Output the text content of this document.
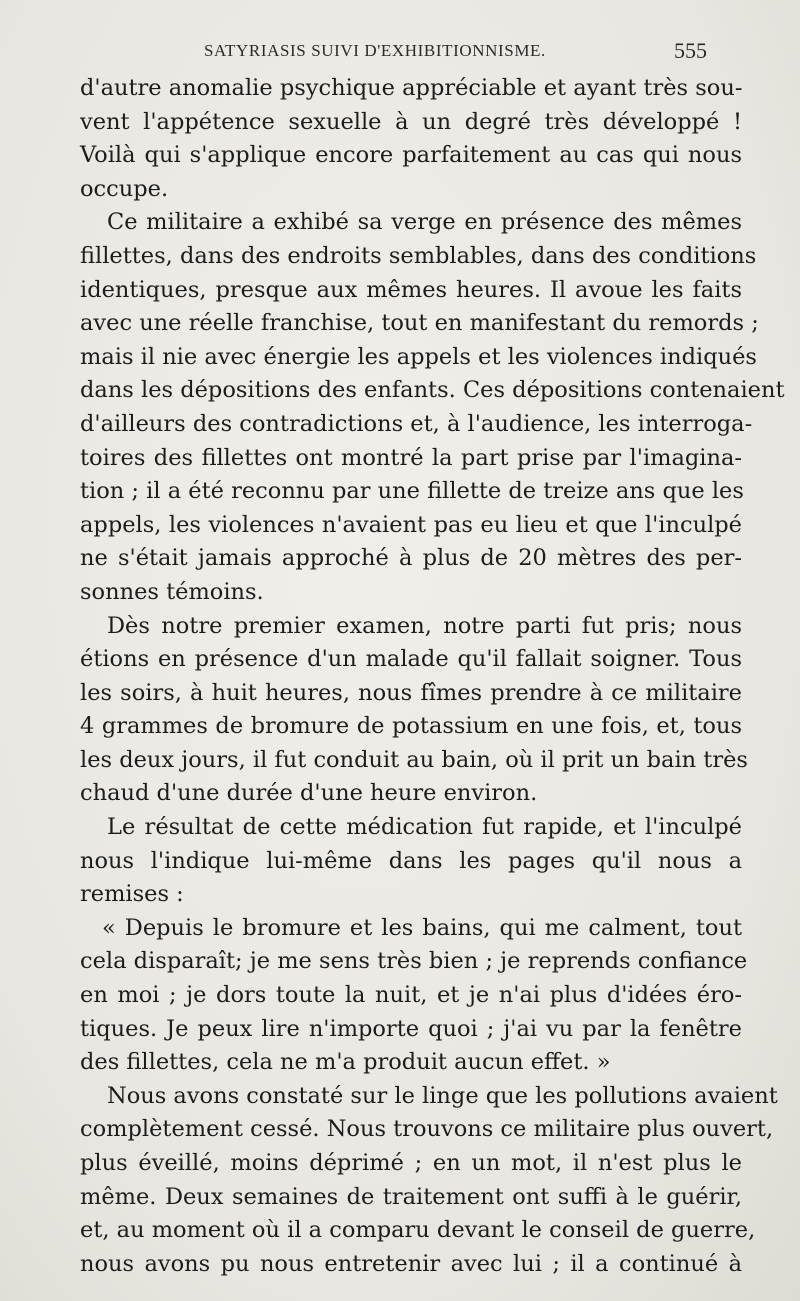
SATYRIASIS SUIVI D'EXHIBITIONNISME.	555
d'autre anomalie psychique appréciable et ayant très sou-
vent l'appétence sexuelle à un degré très développé !
Voilà qui s'applique encore parfaitement au cas qui nous
occupe.
Ce militaire a exhibé sa verge en présence des mêmes
fillettes, dans des endroits semblables, dans des conditions
identiques, presque aux mêmes heures. Il avoue les faits
avec une réelle franchise, tout en manifestant du remords ;
mais il nie avec énergie les appels et les violences indiqués
dans les dépositions des enfants. Ces dépositions contenaient
d'ailleurs des contradictions et, à l'audience, les interroga-
toires des fillettes ont montré la part prise par l'imagina-
tion ; il a été reconnu par une fillette de treize ans que les
appels, les violences n'avaient pas eu lieu et que l'inculpé
ne s'était jamais approché à plus de 20 mètres des per-
sonnes témoins.
Dès notre premier examen, notre parti fut pris; nous
étions en présence d'un malade qu'il fallait soigner. Tous
les soirs, à huit heures, nous fîmes prendre à ce militaire
4 grammes de bromure de potassium en une fois, et, tous
les deux jours, il fut conduit au bain, où il prit un bain très
chaud d'une durée d'une heure environ.
Le résultat de cette médication fut rapide, et l'inculpé
nous l'indique lui-même dans les pages qu'il nous a
remises :
« Depuis le bromure et les bains, qui me calment, tout
cela disparaît; je me sens très bien ; je reprends confiance
en moi ; je dors toute la nuit, et je n'ai plus d'idées éro-
tiques. Je peux lire n'importe quoi ; j'ai vu par la fenêtre
des fillettes, cela ne m'a produit aucun effet. »
Nous avons constaté sur le linge que les pollutions avaient
complètement cessé. Nous trouvons ce militaire plus ouvert,
plus éveillé, moins déprimé ; en un mot, il n'est plus le
même. Deux semaines de traitement ont suffi à le guérir,
et, au moment où il a comparu devant le conseil de guerre,
nous avons pu nous entretenir avec lui ; il a continué à
